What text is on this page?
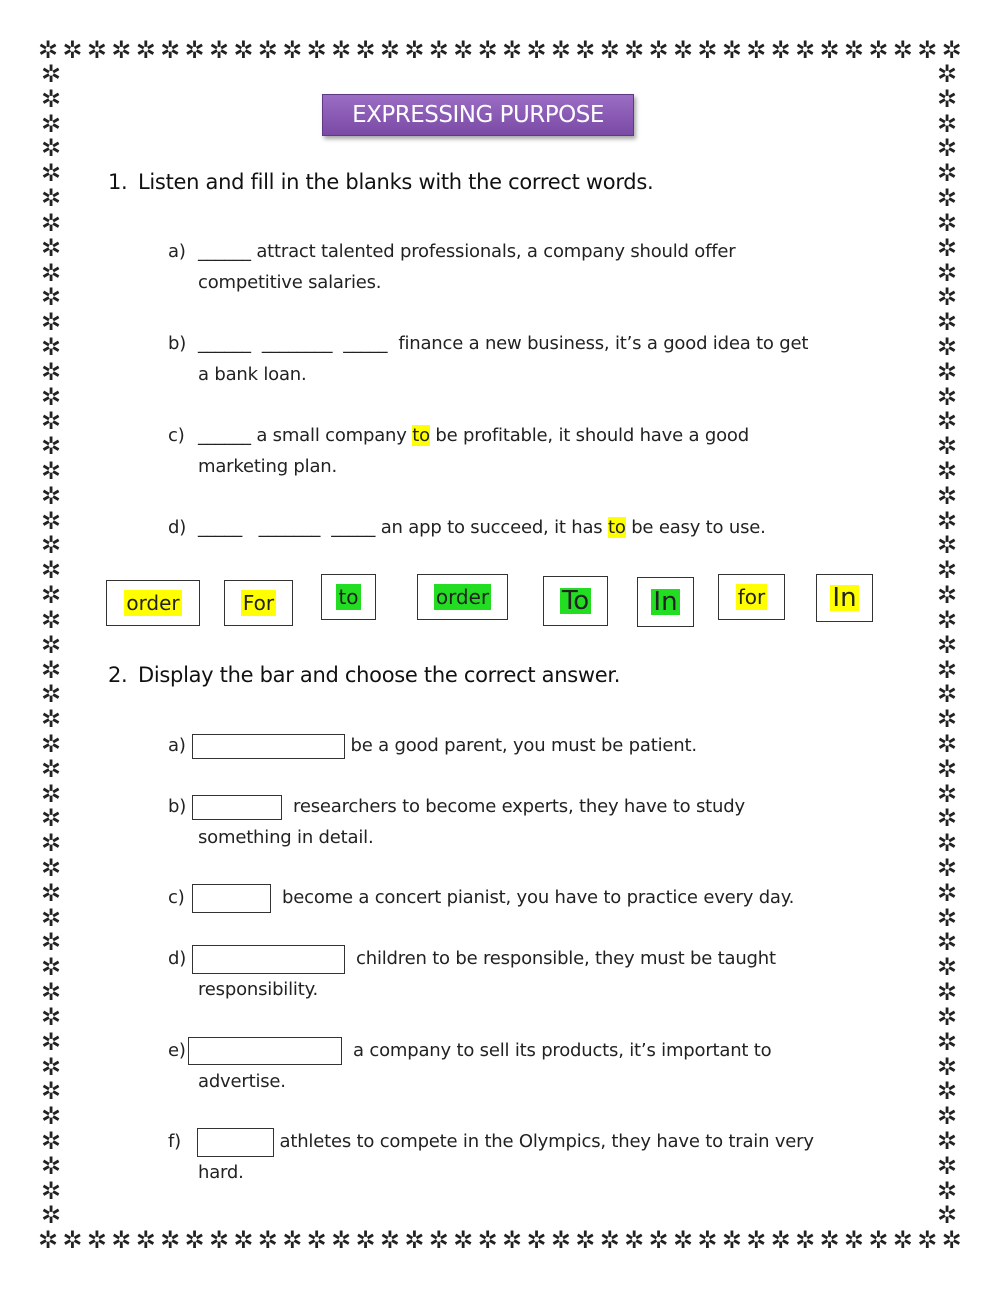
✲ ✲ ✲ ✲ ✲ ✲ ✲ ✲ ✲ ✲ ✲ ✲ ✲ ✲ ✲ ✲ ✲ ✲ ✲ ✲ ✲ ✲ ✲ ✲ ✲ ✲ ✲ ✲ ✲ ✲ ✲ ✲ ✲ ✲ ✲ ✲ ✲ ✲
✲ ✲ ✲ ✲ ✲ ✲ ✲ ✲ ✲ ✲ ✲ ✲ ✲ ✲ ✲ ✲ ✲ ✲ ✲ ✲ ✲ ✲ ✲ ✲ ✲ ✲ ✲ ✲ ✲ ✲ ✲ ✲ ✲ ✲ ✲ ✲ ✲ ✲
✲
✲
✲
✲
✲
✲
✲
✲
✲
✲
✲
✲
✲
✲
✲
✲
✲
✲
✲
✲
✲
✲
✲
✲
✲
✲
✲
✲
✲
✲
✲
✲
✲
✲
✲
✲
✲
✲
✲
✲
✲
✲
✲
✲
✲
✲
✲
✲
✲
✲
✲
✲
✲
✲
✲
✲
✲
✲
✲
✲
✲
✲
✲
✲
✲
✲
✲
✲
✲
✲
✲
✲
✲
✲
✲
✲
✲
✲
✲
✲
✲
✲
✲
✲
✲
✲
✲
✲
✲
✲
✲
✲
✲
✲
EXPRESSING PURPOSE
1. Listen and fill in the blanks with the correct words.
a) ______ attract talented professionals, a company should offer
competitive salaries.
b) ______  ________  _____  finance a new business, it’s a good idea to get
a bank loan.
c) ______ a small company to be profitable, it should have a good
marketing plan.
d) _____   _______  _____ an app to succeed, it has to be easy to use.
order	For	to	order	To In	for	In
2. Display the bar and choose the correct answer.
a)	be a good parent, you must be patient.
b)	researchers to become experts, they have to study
something in detail.
c)	become a concert pianist, you have to practice every day.
d)	children to be responsible, they must be taught
responsibility.
e)	a company to sell its products, it’s important to
advertise.
f)	athletes to compete in the Olympics, they have to train very
hard.
